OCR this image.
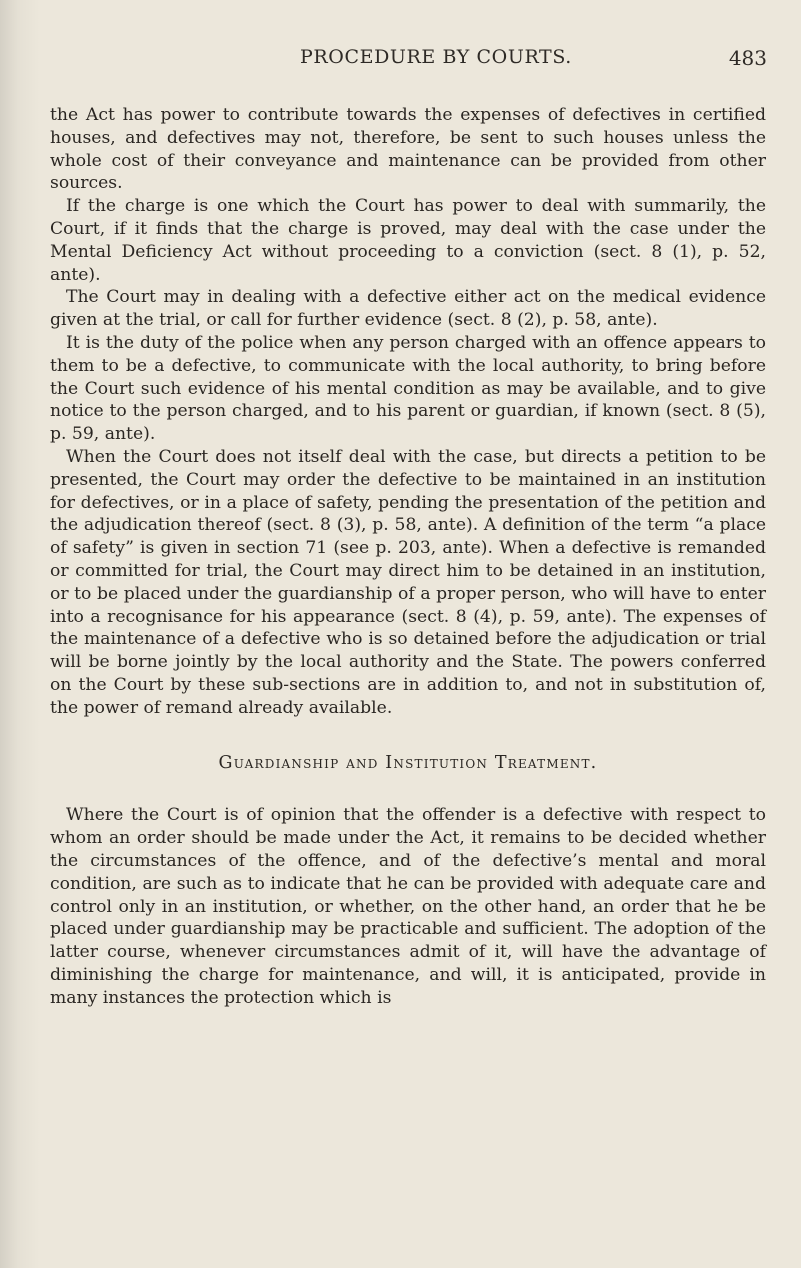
PROCEDURE BY COURTS.	483

the Act has power to contribute towards the expenses of defectives in certified houses, and defectives may not, therefore, be sent to such houses unless the whole cost of their conveyance and maintenance can be provided from other sources.

If the charge is one which the Court has power to deal with summarily, the Court, if it finds that the charge is proved, may deal with the case under the Mental Deficiency Act without proceeding to a conviction (sect. 8 (1), p. 52, ante).

The Court may in dealing with a defective either act on the medical evidence given at the trial, or call for further evidence (sect. 8 (2), p. 58, ante).

It is the duty of the police when any person charged with an offence appears to them to be a defective, to communicate with the local authority, to bring before the Court such evidence of his mental condition as may be available, and to give notice to the person charged, and to his parent or guardian, if known (sect. 8 (5), p. 59, ante).

When the Court does not itself deal with the case, but directs a petition to be presented, the Court may order the defective to be maintained in an institution for defectives, or in a place of safety, pending the presentation of the petition and the adjudication thereof (sect. 8 (3), p. 58, ante). A definition of the term “a place of safety” is given in section 71 (see p. 203, ante). When a defective is remanded or committed for trial, the Court may direct him to be detained in an institution, or to be placed under the guardianship of a proper person, who will have to enter into a recognisance for his appearance (sect. 8 (4), p. 59, ante). The expenses of the maintenance of a defective who is so detained before the adjudication or trial will be borne jointly by the local authority and the State. The powers conferred on the Court by these sub-sections are in addition to, and not in substitution of, the power of remand already available.

Guardianship and Institution Treatment.

Where the Court is of opinion that the offender is a defective with respect to whom an order should be made under the Act, it remains to be decided whether the circumstances of the offence, and of the defective’s mental and moral condition, are such as to indicate that he can be provided with adequate care and control only in an institution, or whether, on the other hand, an order that he be placed under guardianship may be practicable and sufficient. The adoption of the latter course, whenever circumstances admit of it, will have the advantage of diminishing the charge for maintenance, and will, it is anticipated, provide in many instances the protection which is
